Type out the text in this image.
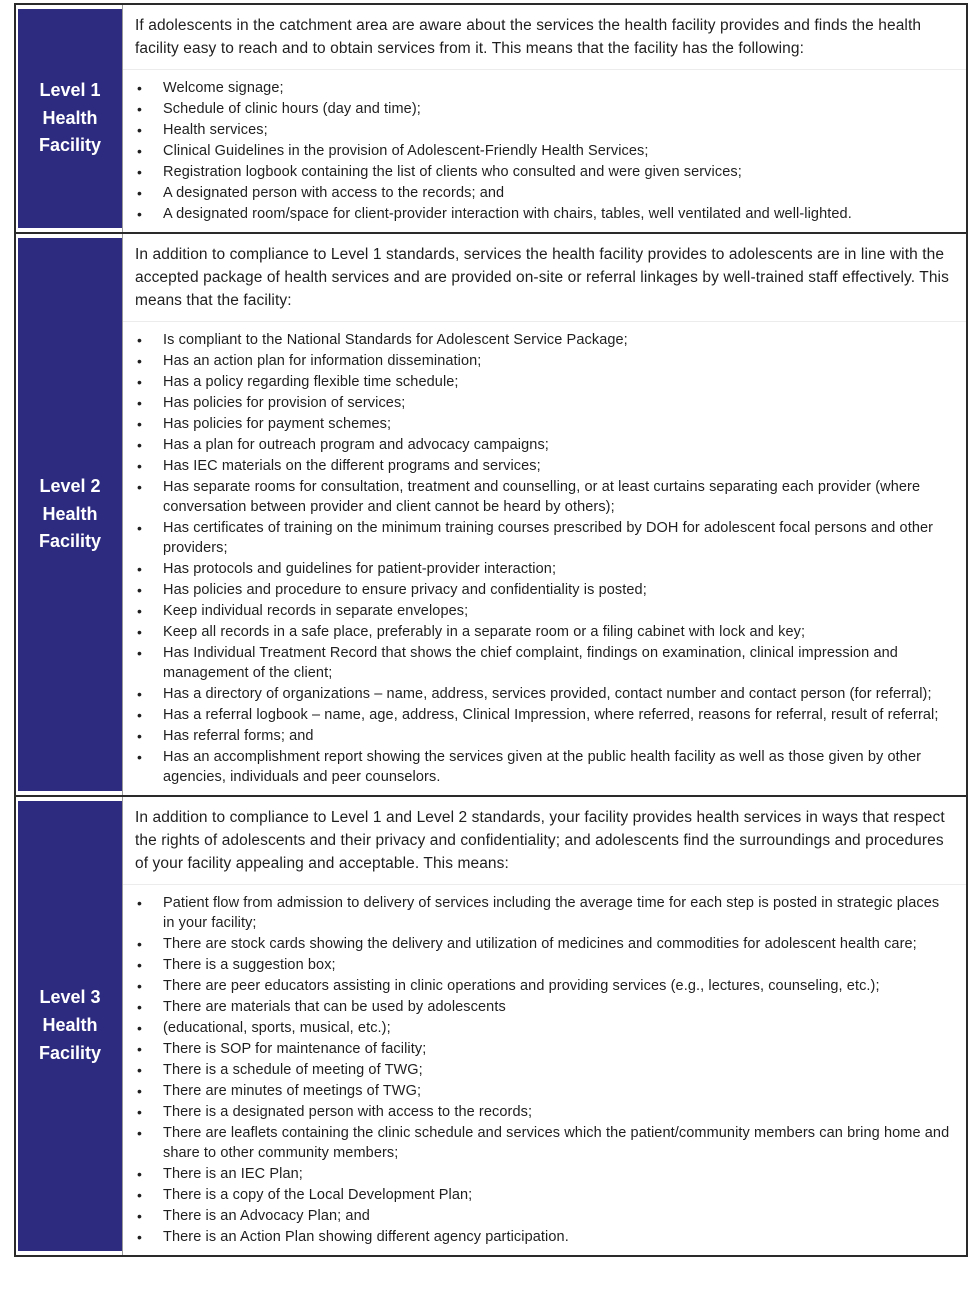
Level 1 Health Facility

If adolescents in the catchment area are aware about the services the health facility provides and finds the health facility easy to reach and to obtain services from it. This means that the facility has the following:
• Welcome signage;
• Schedule of clinic hours (day and time);
• Health services;
• Clinical Guidelines in the provision of Adolescent-Friendly Health Services;
• Registration logbook containing the list of clients who consulted and were given services;
• A designated person with access to the records; and
• A designated room/space for client-provider interaction with chairs, tables, well ventilated and well-lighted.

Level 2 Health Facility

In addition to compliance to Level 1 standards, services the health facility provides to adolescents are in line with the accepted package of health services and are provided on-site or referral linkages by well-trained staff effectively. This means that the facility:
• Is compliant to the National Standards for Adolescent Service Package;
• Has an action plan for information dissemination;
• Has a policy regarding flexible time schedule;
• Has policies for provision of services;
• Has policies for payment schemes;
• Has a plan for outreach program and advocacy campaigns;
• Has IEC materials on the different programs and services;
• Has separate rooms for consultation, treatment and counselling, or at least curtains separating each provider (where conversation between provider and client cannot be heard by others);
• Has certificates of training on the minimum training courses prescribed by DOH for adolescent focal persons and other providers;
• Has protocols and guidelines for patient-provider interaction;
• Has policies and procedure to ensure privacy and confidentiality is posted;
• Keep individual records in separate envelopes;
• Keep all records in a safe place, preferably in a separate room or a filing cabinet with lock and key;
• Has Individual Treatment Record that shows the chief complaint, findings on examination, clinical impression and management of the client;
• Has a directory of organizations – name, address, services provided, contact number and contact person (for referral);
• Has a referral logbook – name, age, address, Clinical Impression, where referred, reasons for referral, result of referral;
• Has referral forms; and
• Has an accomplishment report showing the services given at the public health facility as well as those given by other agencies, individuals and peer counselors.

Level 3 Health Facility

In addition to compliance to Level 1 and Level 2 standards, your facility provides health services in ways that respect the rights of adolescents and their privacy and confidentiality; and adolescents find the surroundings and procedures of your facility appealing and acceptable. This means:
• Patient flow from admission to delivery of services including the average time for each step is posted in strategic places in your facility;
• There are stock cards showing the delivery and utilization of medicines and commodities for adolescent health care;
• There is a suggestion box;
• There are peer educators assisting in clinic operations and providing services (e.g., lectures, counseling, etc.);
• There are materials that can be used by adolescents
• (educational, sports, musical, etc.);
• There is SOP for maintenance of facility;
• There is a schedule of meeting of TWG;
• There are minutes of meetings of TWG;
• There is a designated person with access to the records;
• There are leaflets containing the clinic schedule and services which the patient/community members can bring home and share to other community members;
• There is an IEC Plan;
• There is a copy of the Local Development Plan;
• There is an Advocacy Plan; and
• There is an Action Plan showing different agency participation.
